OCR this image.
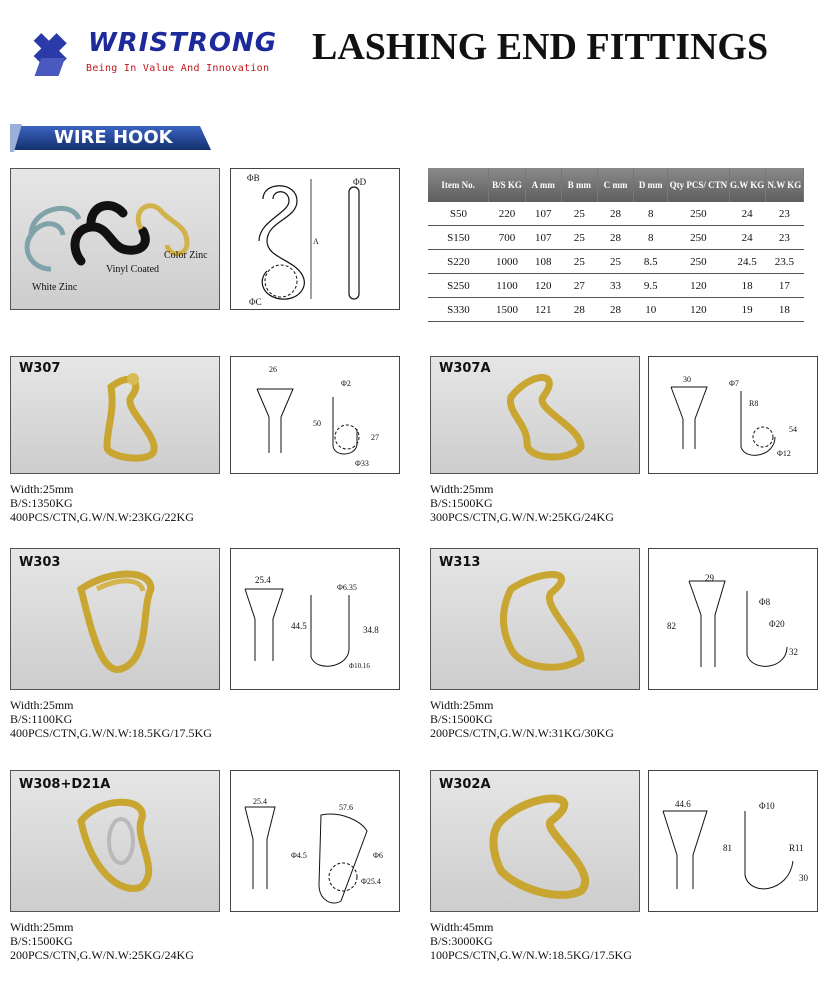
WRISTRONG
Being In Value And Innovation
LASHING END FITTINGS
WIRE HOOK
White Zinc
Vinyl Coated
Color Zinc
ΦB	ΦD
A
ΦC
Item No.	B/S KG	A mm	B mm	C mm	D mm	Qty PCS/ CTN	G.W KG	N.W KG
S50	220	107	25	28	8	250	24	23
S150	700	107	25	28	8	250	24	23
S220	1000	108	25	25	8.5	250	24.5	23.5
S250	1100	120	27	33	9.5	120	18	17
S330	1500	121	28	28	10	120	19	18
W307	26
Φ2
50
Φ33
27
Width:25mm
B/S:1350KG
400PCS/CTN,G.W/N.W:23KG/22KG
W307A
30	Φ7
R8
Φ12
54
Width:25mm
B/S:1500KG
300PCS/CTN,G.W/N.W:25KG/24KG
W303
25.4
Φ6.35
44.5	34.8
Φ10.16
Width:25mm
B/S:1100KG
400PCS/CTN,G.W/N.W:18.5KG/17.5KG
W313
29
Φ8
82	Φ20
32
Width:25mm
B/S:1500KG
200PCS/CTN,G.W/N.W:31KG/30KG
W308+D21A
25.4
57.6
Φ4.5	Φ6
Φ25.4
Width:25mm
B/S:1500KG
200PCS/CTN,G.W/N.W:25KG/24KG
W302A
44.6	Φ10
81	R11
30
Width:45mm
B/S:3000KG
100PCS/CTN,G.W/N.W:18.5KG/17.5KG
